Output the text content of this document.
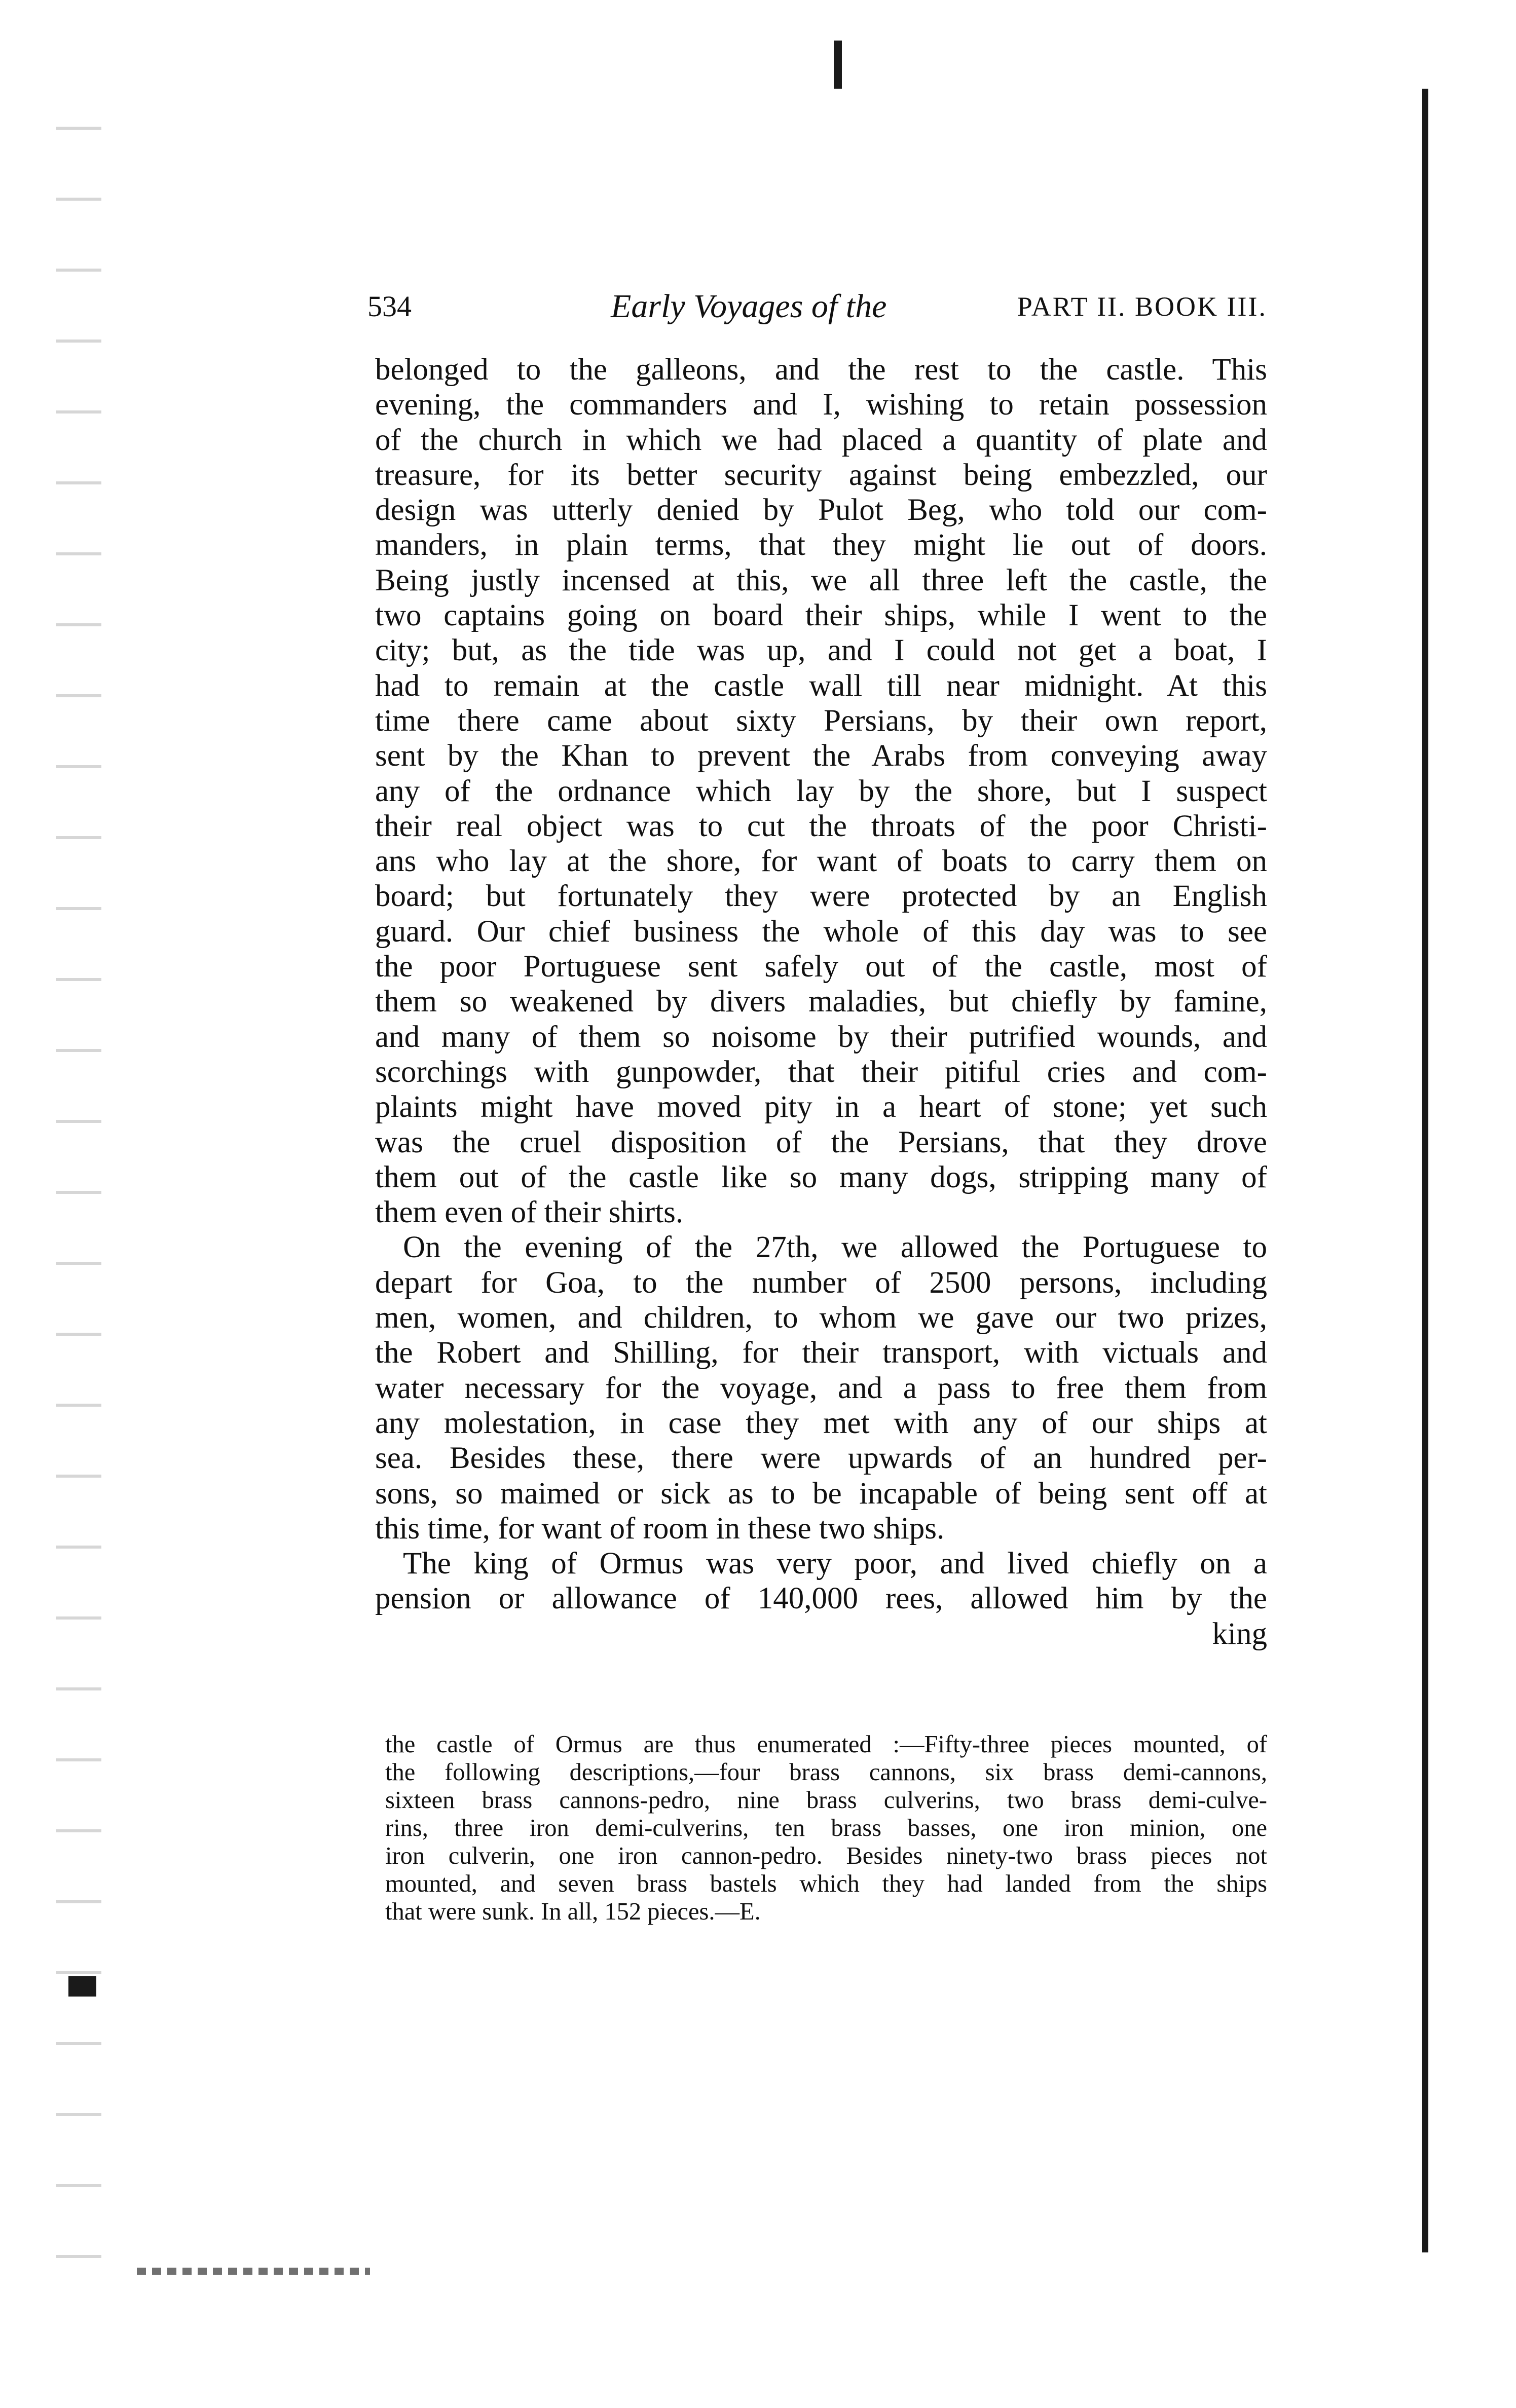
534	Early Voyages of the	PART II. BOOK III.
belonged to the galleons, and the rest to the castle. This
evening, the commanders and I, wishing to retain possession
of the church in which we had placed a quantity of plate and
treasure, for its better security against being embezzled, our
design was utterly denied by Pulot Beg, who told our com-
manders, in plain terms, that they might lie out of doors.
Being justly incensed at this, we all three left the castle, the
two captains going on board their ships, while I went to the
city; but, as the tide was up, and I could not get a boat, I
had to remain at the castle wall till near midnight. At this
time there came about sixty Persians, by their own report,
sent by the Khan to prevent the Arabs from conveying away
any of the ordnance which lay by the shore, but I suspect
their real object was to cut the throats of the poor Christi-
ans who lay at the shore, for want of boats to carry them on
board; but fortunately they were protected by an English
guard. Our chief business the whole of this day was to see
the poor Portuguese sent safely out of the castle, most of
them so weakened by divers maladies, but chiefly by famine,
and many of them so noisome by their putrified wounds, and
scorchings with gunpowder, that their pitiful cries and com-
plaints might have moved pity in a heart of stone; yet such
was the cruel disposition of the Persians, that they drove
them out of the castle like so many dogs, stripping many of
them even of their shirts.
On the evening of the 27th, we allowed the Portuguese to
depart for Goa, to the number of 2500 persons, including
men, women, and children, to whom we gave our two prizes,
the Robert and Shilling, for their transport, with victuals and
water necessary for the voyage, and a pass to free them from
any molestation, in case they met with any of our ships at
sea. Besides these, there were upwards of an hundred per-
sons, so maimed or sick as to be incapable of being sent off at
this time, for want of room in these two ships.
The king of Ormus was very poor, and lived chiefly on a
pension or allowance of 140,000 rees, allowed him by the
king
the castle of Ormus are thus enumerated :—Fifty-three pieces mounted, of
the following descriptions,—four brass cannons, six brass demi-cannons,
sixteen brass cannons-pedro, nine brass culverins, two brass demi-culve-
rins, three iron demi-culverins, ten brass basses, one iron minion, one
iron culverin, one iron cannon-pedro. Besides ninety-two brass pieces not
mounted, and seven brass bastels which they had landed from the ships
that were sunk. In all, 152 pieces.—E.
